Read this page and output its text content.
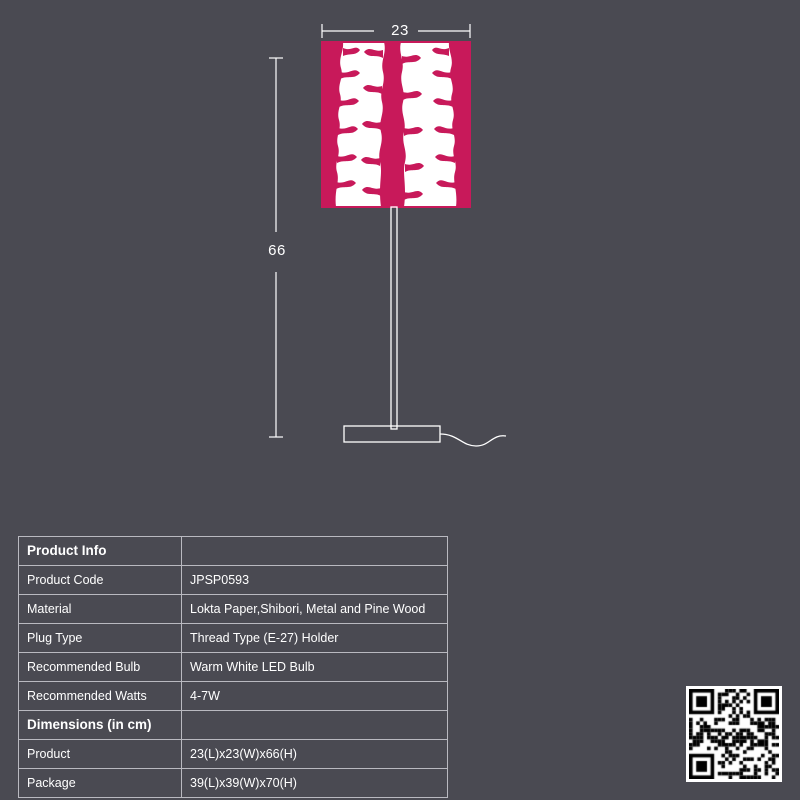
23
66
Product Info	
Product Code	JPSP0593
Material	Lokta Paper,Shibori, Metal and Pine Wood
Plug Type	Thread Type (E-27) Holder
Recommended Bulb	Warm White LED Bulb
Recommended Watts	4-7W
Dimensions (in cm)	
Product	23(L)x23(W)x66(H)
Package	39(L)x39(W)x70(H)
